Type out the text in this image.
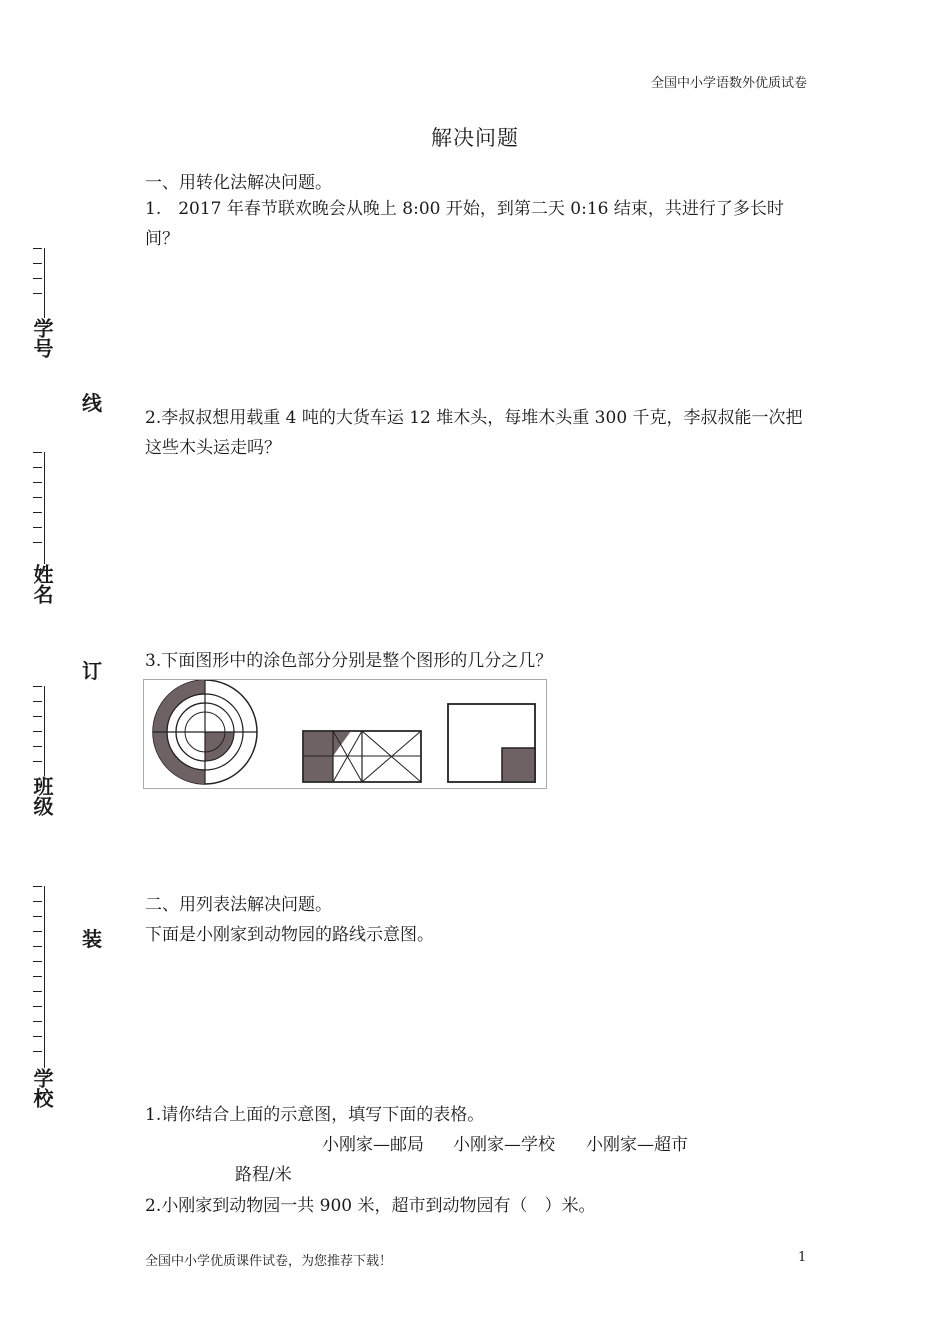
全国中小学语数外优质试卷
解决问题
一、用转化法解决问题。
1.　2017 年春节联欢晚会从晚上 8:00 开始，到第二天 0:16 结束，共进行了多长时间？
2.李叔叔想用载重 4 吨的大货车运 12 堆木头，每堆木头重 300 千克，李叔叔能一次把这些木头运走吗？
3.下面图形中的涂色部分分别是整个图形的几分之几？
二、用列表法解决问题。
下面是小刚家到动物园的路线示意图。
1.请你结合上面的示意图，填写下面的表格。
小刚家—邮局 小刚家—学校 小刚家—超市
路程/米
2.小刚家到动物园一共 900 米，超市到动物园有（　）米。
学号
姓名
班级
学校
线
订
装
全国中小学优质课件试卷，为您推荐下载！	1
